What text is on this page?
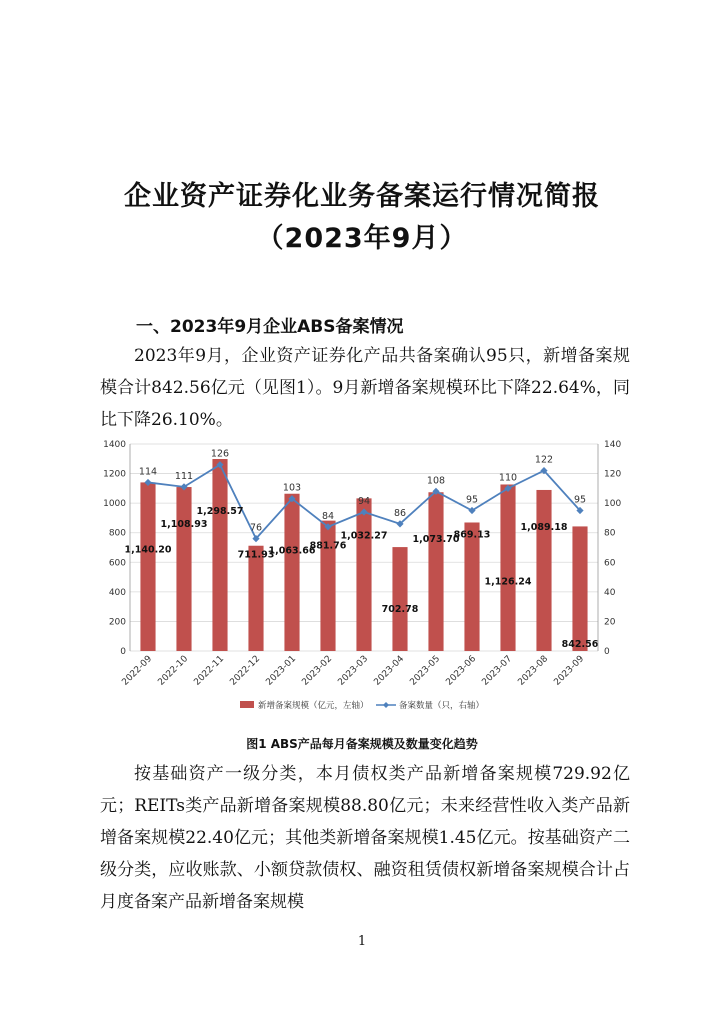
企业资产证券化业务备案运行情况简报
（2023年9月）
一、2023年9月企业ABS备案情况
2023年9月，企业资产证券化产品共备案确认95只，新增备案规模合计842.56亿元（见图1）。9月新增备案规模环比下降22.64%，同比下降26.10%。
114 111
126
76
103
84
94
86
108
95
110
122
95
1,140.20
1,108.93
1,298.57
711.93
1,063.66
881.76
1,032.27
702.78
1,073.70
869.13
1,126.24
1,089.18
842.56
0	0
200	20
400	40
600	60
800	80
1000	100
1200	120
1400	140
2022-09 2022-10 2022-11 2022-12 2023-01 2023-02 2023-03 2023-04 2023-05 2023-06 2023-07 2023-08 2023-09
新增备案规模（亿元，左轴）	备案数量（只，右轴）
图1 ABS产品每月备案规模及数量变化趋势
按基础资产一级分类，本月债权类产品新增备案规模729.92亿元；REITs类产品新增备案规模88.80亿元；未来经营性收入类产品新增备案规模22.40亿元；其他类新增备案规模1.45亿元。按基础资产二级分类，应收账款、小额贷款债权、融资租赁债权新增备案规模合计占月度备案产品新增备案规模
1
